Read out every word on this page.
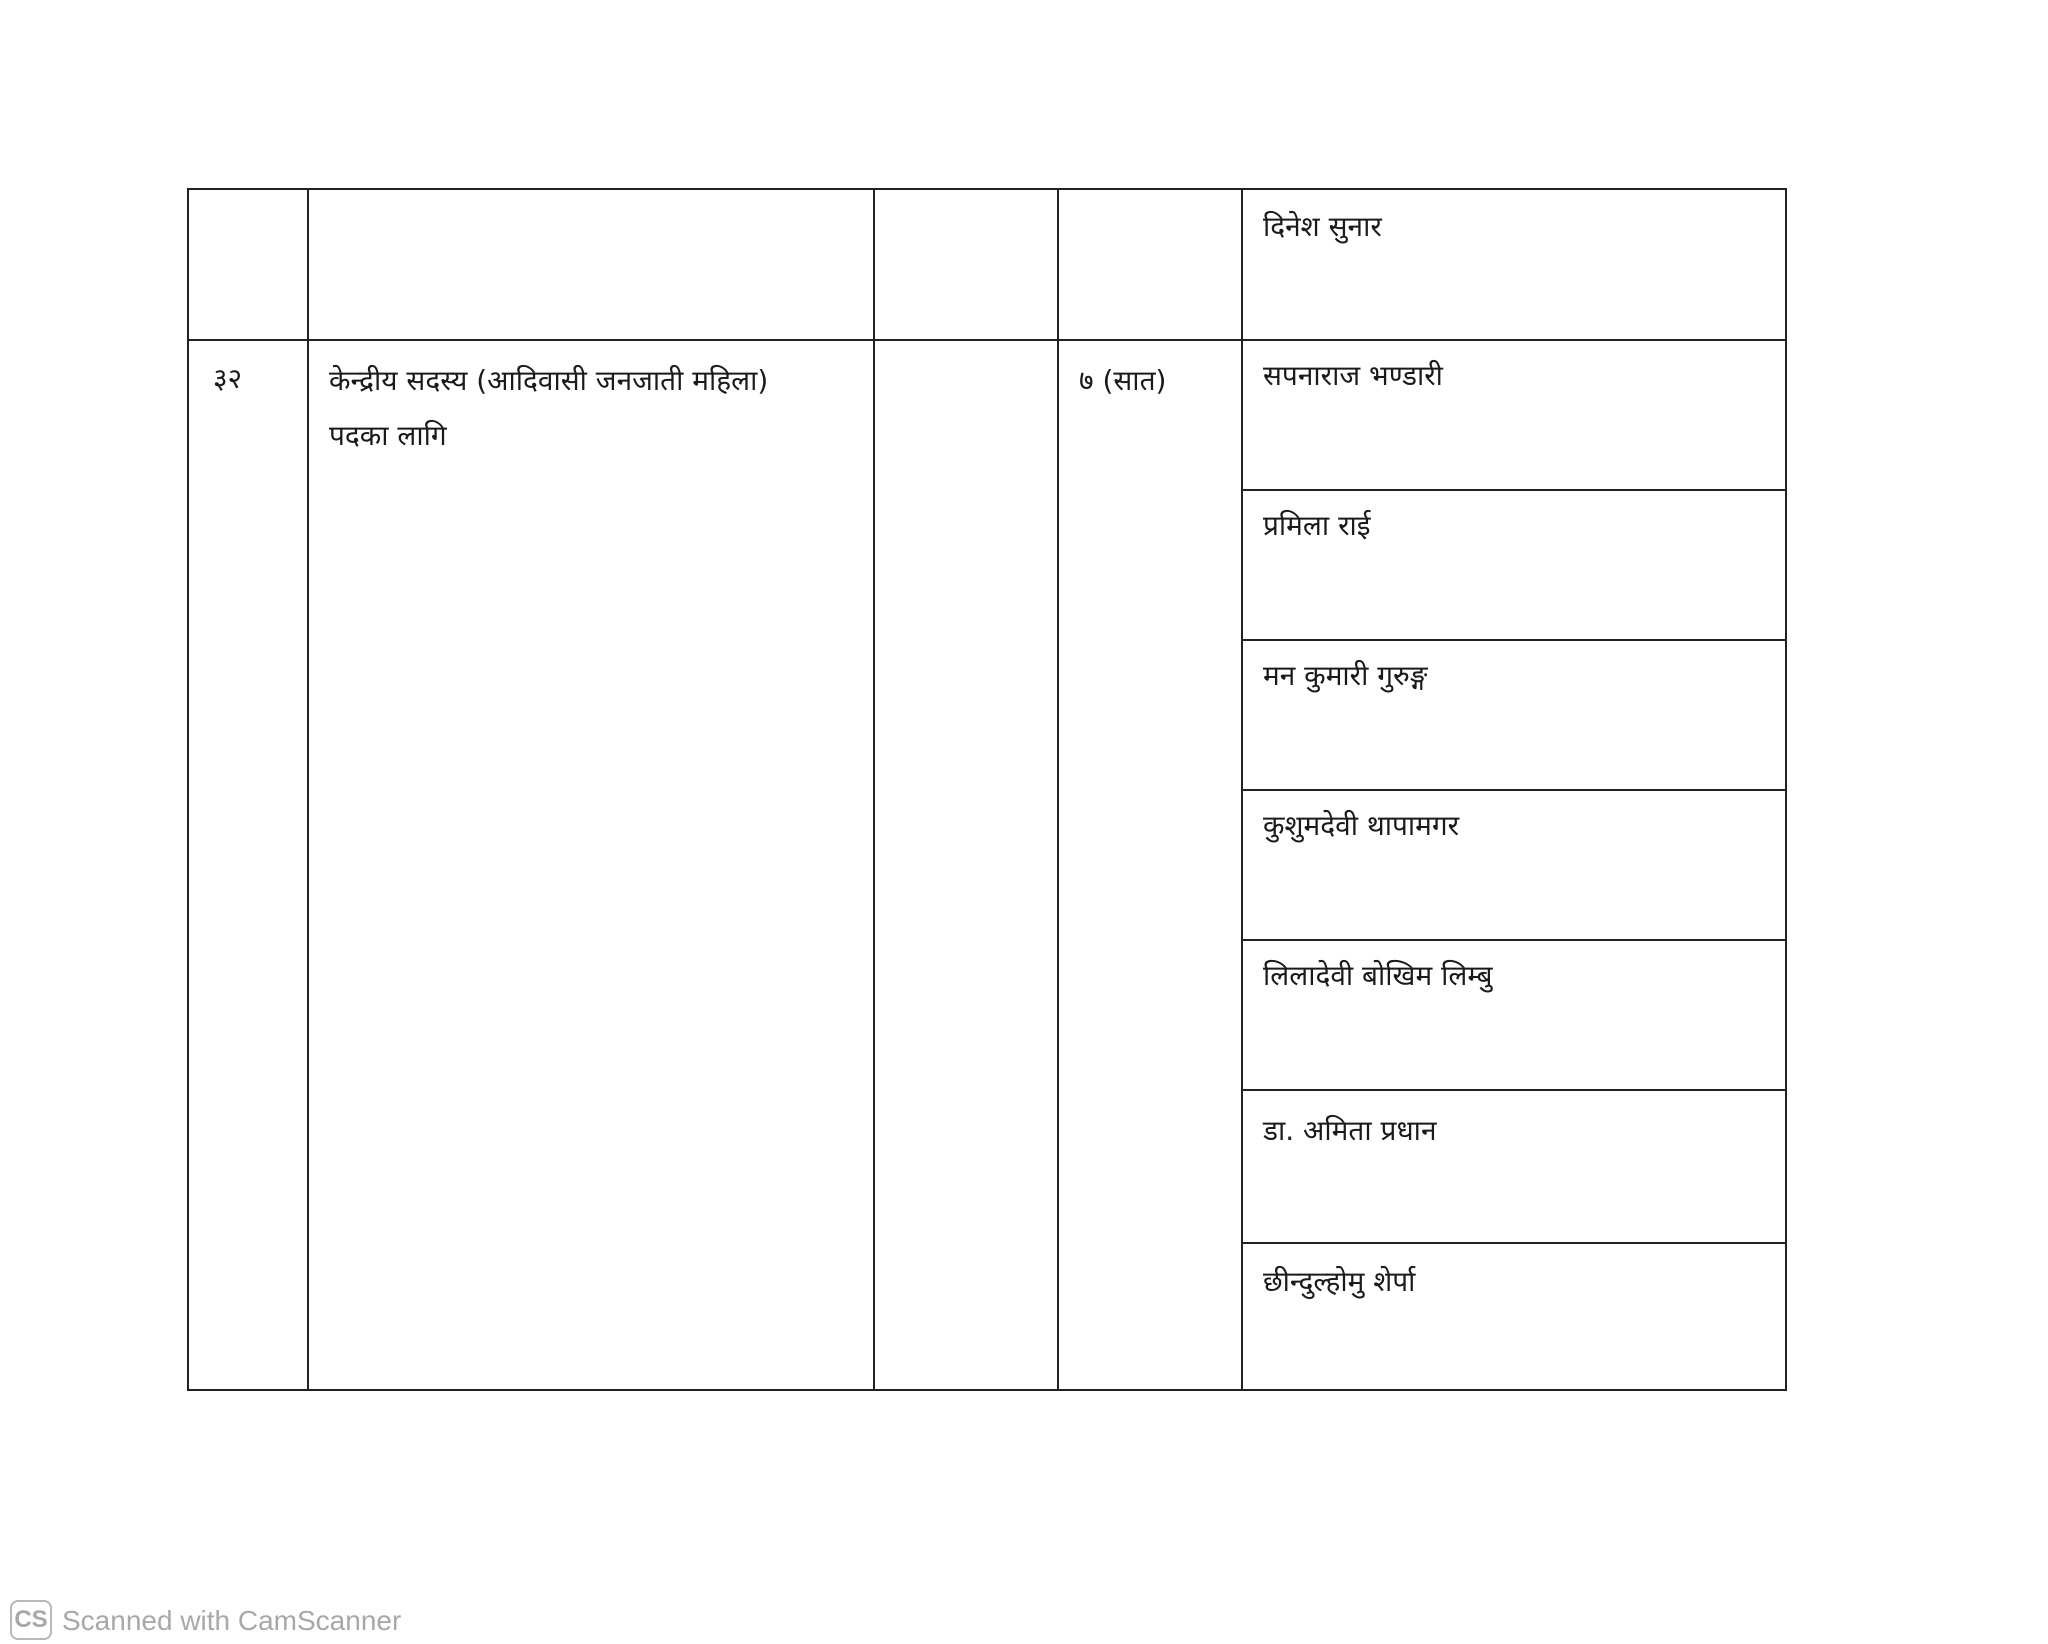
दिनेश सुनार
३२	केन्द्रीय सदस्य (आदिवासी जनजाती महिला)
पदका लागि
७ (सात)	सपनाराज भण्डारी
प्रमिला राई
मन कुमारी गुरुङ्ग
कुशुमदेवी थापामगर
लिलादेवी बोखिम लिम्बु
डा. अमिता प्रधान
छीन्दुल्होमु शेर्पा
CS Scanned with CamScanner
